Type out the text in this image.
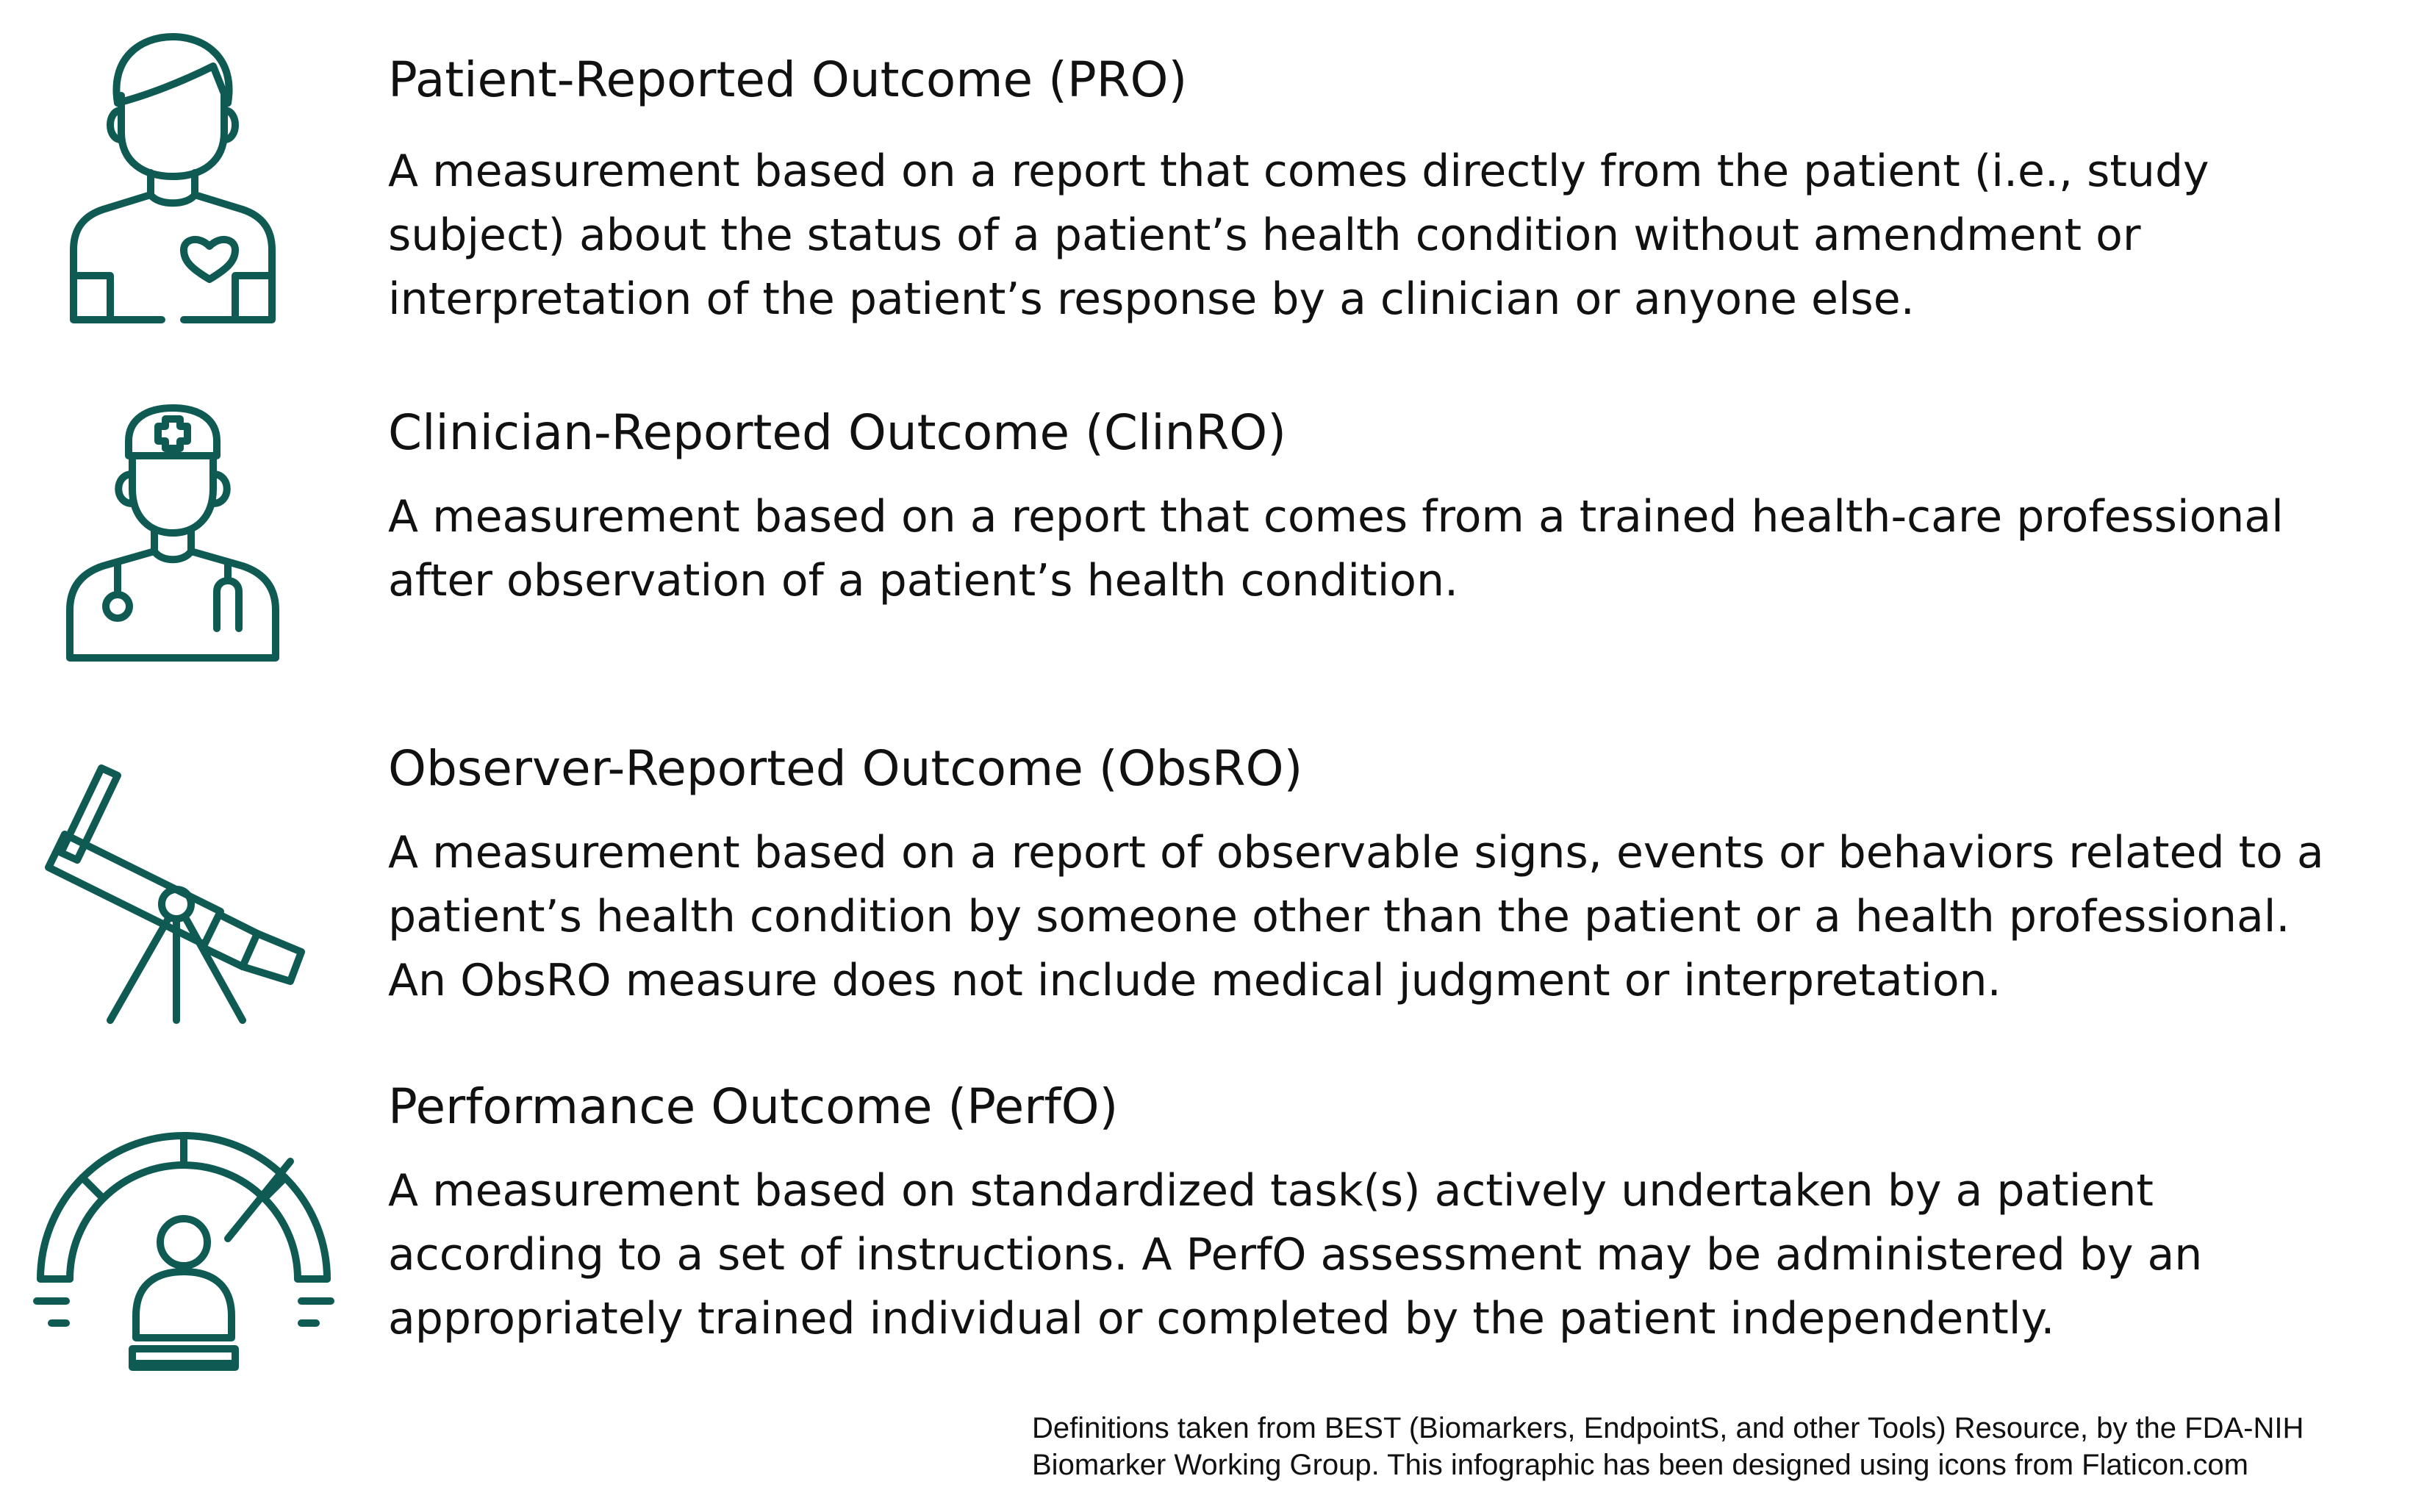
Patient-Reported Outcome (PRO)

A measurement based on a report that comes directly from the patient (i.e., study

subject) about the status of a patient’s health condition without amendment or

interpretation of the patient’s response by a clinician or anyone else.

Clinician-Reported Outcome (ClinRO)

A measurement based on a report that comes from a trained health-care professional

after observation of a patient’s health condition.

Observer-Reported Outcome (ObsRO)

A measurement based on a report of observable signs, events or behaviors related to a

patient’s health condition by someone other than the patient or a health professional.

An ObsRO measure does not include medical judgment or interpretation.

Performance Outcome (PerfO)

A measurement based on standardized task(s) actively undertaken by a patient

according to a set of instructions. A PerfO assessment may be administered by an

appropriately trained individual or completed by the patient independently.

Definitions taken from BEST (Biomarkers, EndpointS, and other Tools) Resource, by the FDA-NIH
Biomarker Working Group. This infographic has been designed using icons from Flaticon.com
